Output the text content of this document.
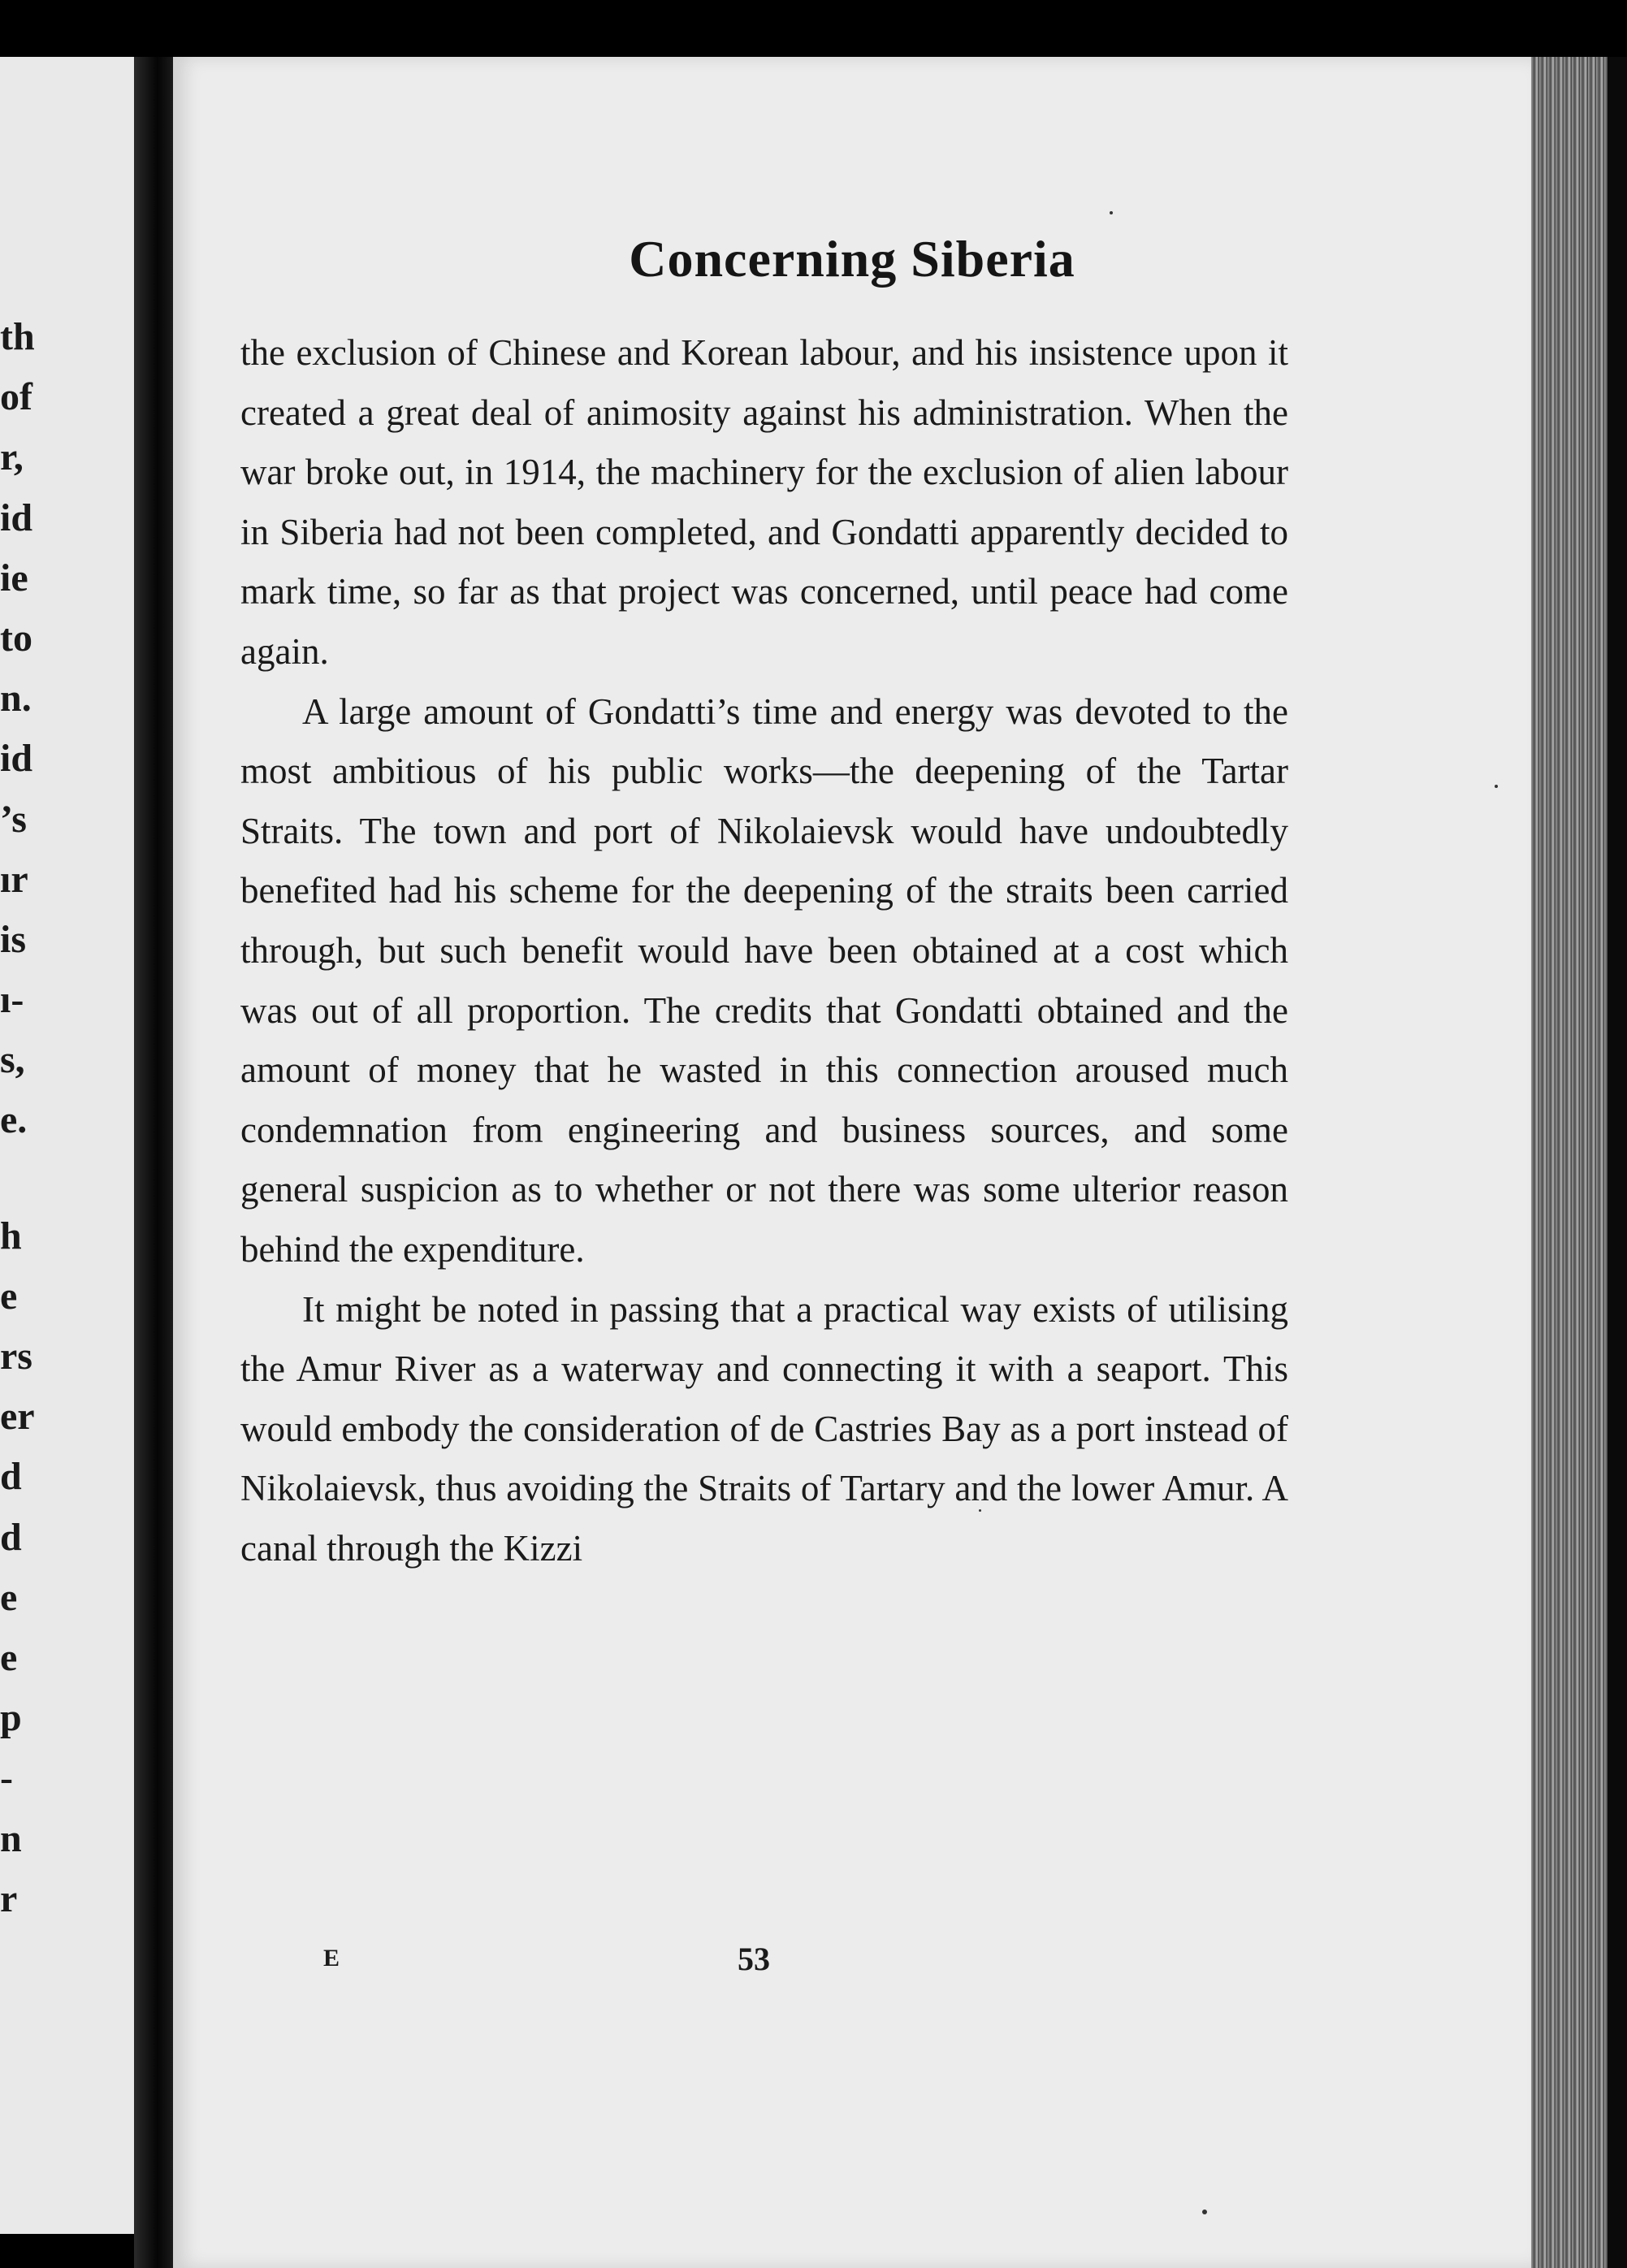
th
of
r,
id
ie
to
n.
id
’s
ır
is
ı-
s,
e.
h
e
rs
er
d
d
e
e
p
-
n
r
Concerning Siberia

the exclusion of Chinese and Korean labour, and his insistence upon it created a great deal of animosity against his administration. When the war broke out, in 1914, the machinery for the exclusion of alien labour in Siberia had not been completed, and Gondatti apparently decided to mark time, so far as that project was concerned, until peace had come again.

A large amount of Gondatti’s time and energy was devoted to the most ambitious of his public works—the deepening of the Tartar Straits. The town and port of Nikolaievsk would have undoubtedly benefited had his scheme for the deepening of the straits been carried through, but such benefit would have been obtained at a cost which was out of all proportion. The credits that Gondatti obtained and the amount of money that he wasted in this connection aroused much condemnation from engineering and business sources, and some general suspicion as to whether or not there was some ulterior reason behind the expenditure.

It might be noted in passing that a practical way exists of utilising the Amur River as a waterway and connecting it with a seaport. This would embody the consideration of de Castries Bay as a port instead of Nikolaievsk, thus avoiding the Straits of Tartary and the lower Amur. A canal through the Kizzi

E	53
